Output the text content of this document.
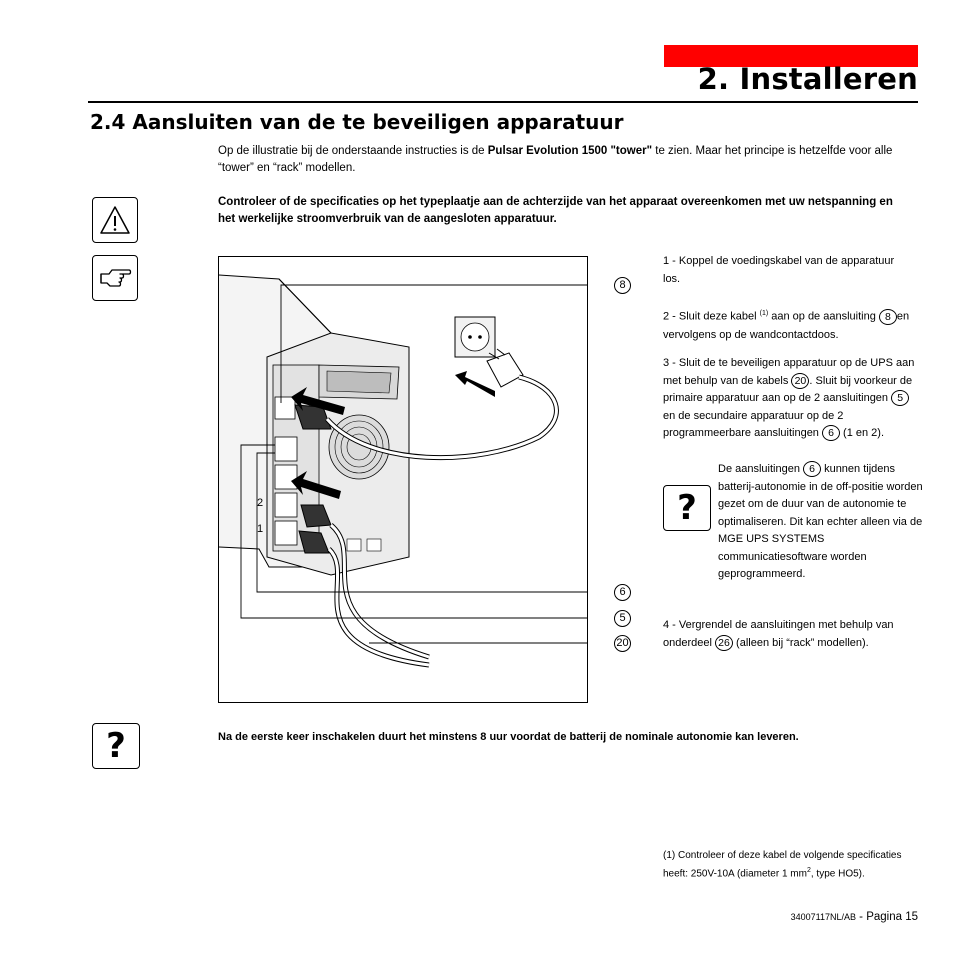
2. Installeren
2.4 Aansluiten van de te beveiligen apparatuur
Op de illustratie bij de onderstaande instructies is de Pulsar Evolution 1500 "tower" te zien. Maar het principe is hetzelfde voor alle “tower” en “rack” modellen.
Controleer of de specificaties op het typeplaatje aan de achterzijde van het apparaat overeenkomen met uw netspanning en het werkelijke stroomverbruik van de aangesloten apparatuur.
8
6
5
20
2
1
1 - Koppel de voedingskabel van de apparatuur los.
2 - Sluit deze kabel $^{(1)}$ aan op de aansluiting 8 en vervolgens op de wandcontactdoos.
3 - Sluit de te beveiligen apparatuur op de UPS aan met behulp van de kabels 20 . Sluit bij voorkeur de primaire apparatuur aan op de 2 aansluitingen 5 en de secundaire apparatuur op de 2 programmeerbare aansluitingen 6 (1 en 2).
?
De aansluitingen 6 kunnen tijdens batterij-autonomie in de off-positie worden gezet om de duur van de autonomie te optimaliseren. Dit kan echter alleen via de MGE UPS SYSTEMS communicatiesoftware worden geprogrammeerd.
4 - Vergrendel de aansluitingen met behulp van onderdeel 26 (alleen bij “rack” modellen).
?	Na de eerste keer inschakelen duurt het minstens 8 uur voordat de batterij de nominale autonomie kan leveren.
(1) Controleer of deze kabel de volgende specificaties heeft: 250V-10A (diameter 1 $mm^2$, type HO5).
34007117NL/AB - Pagina 15
